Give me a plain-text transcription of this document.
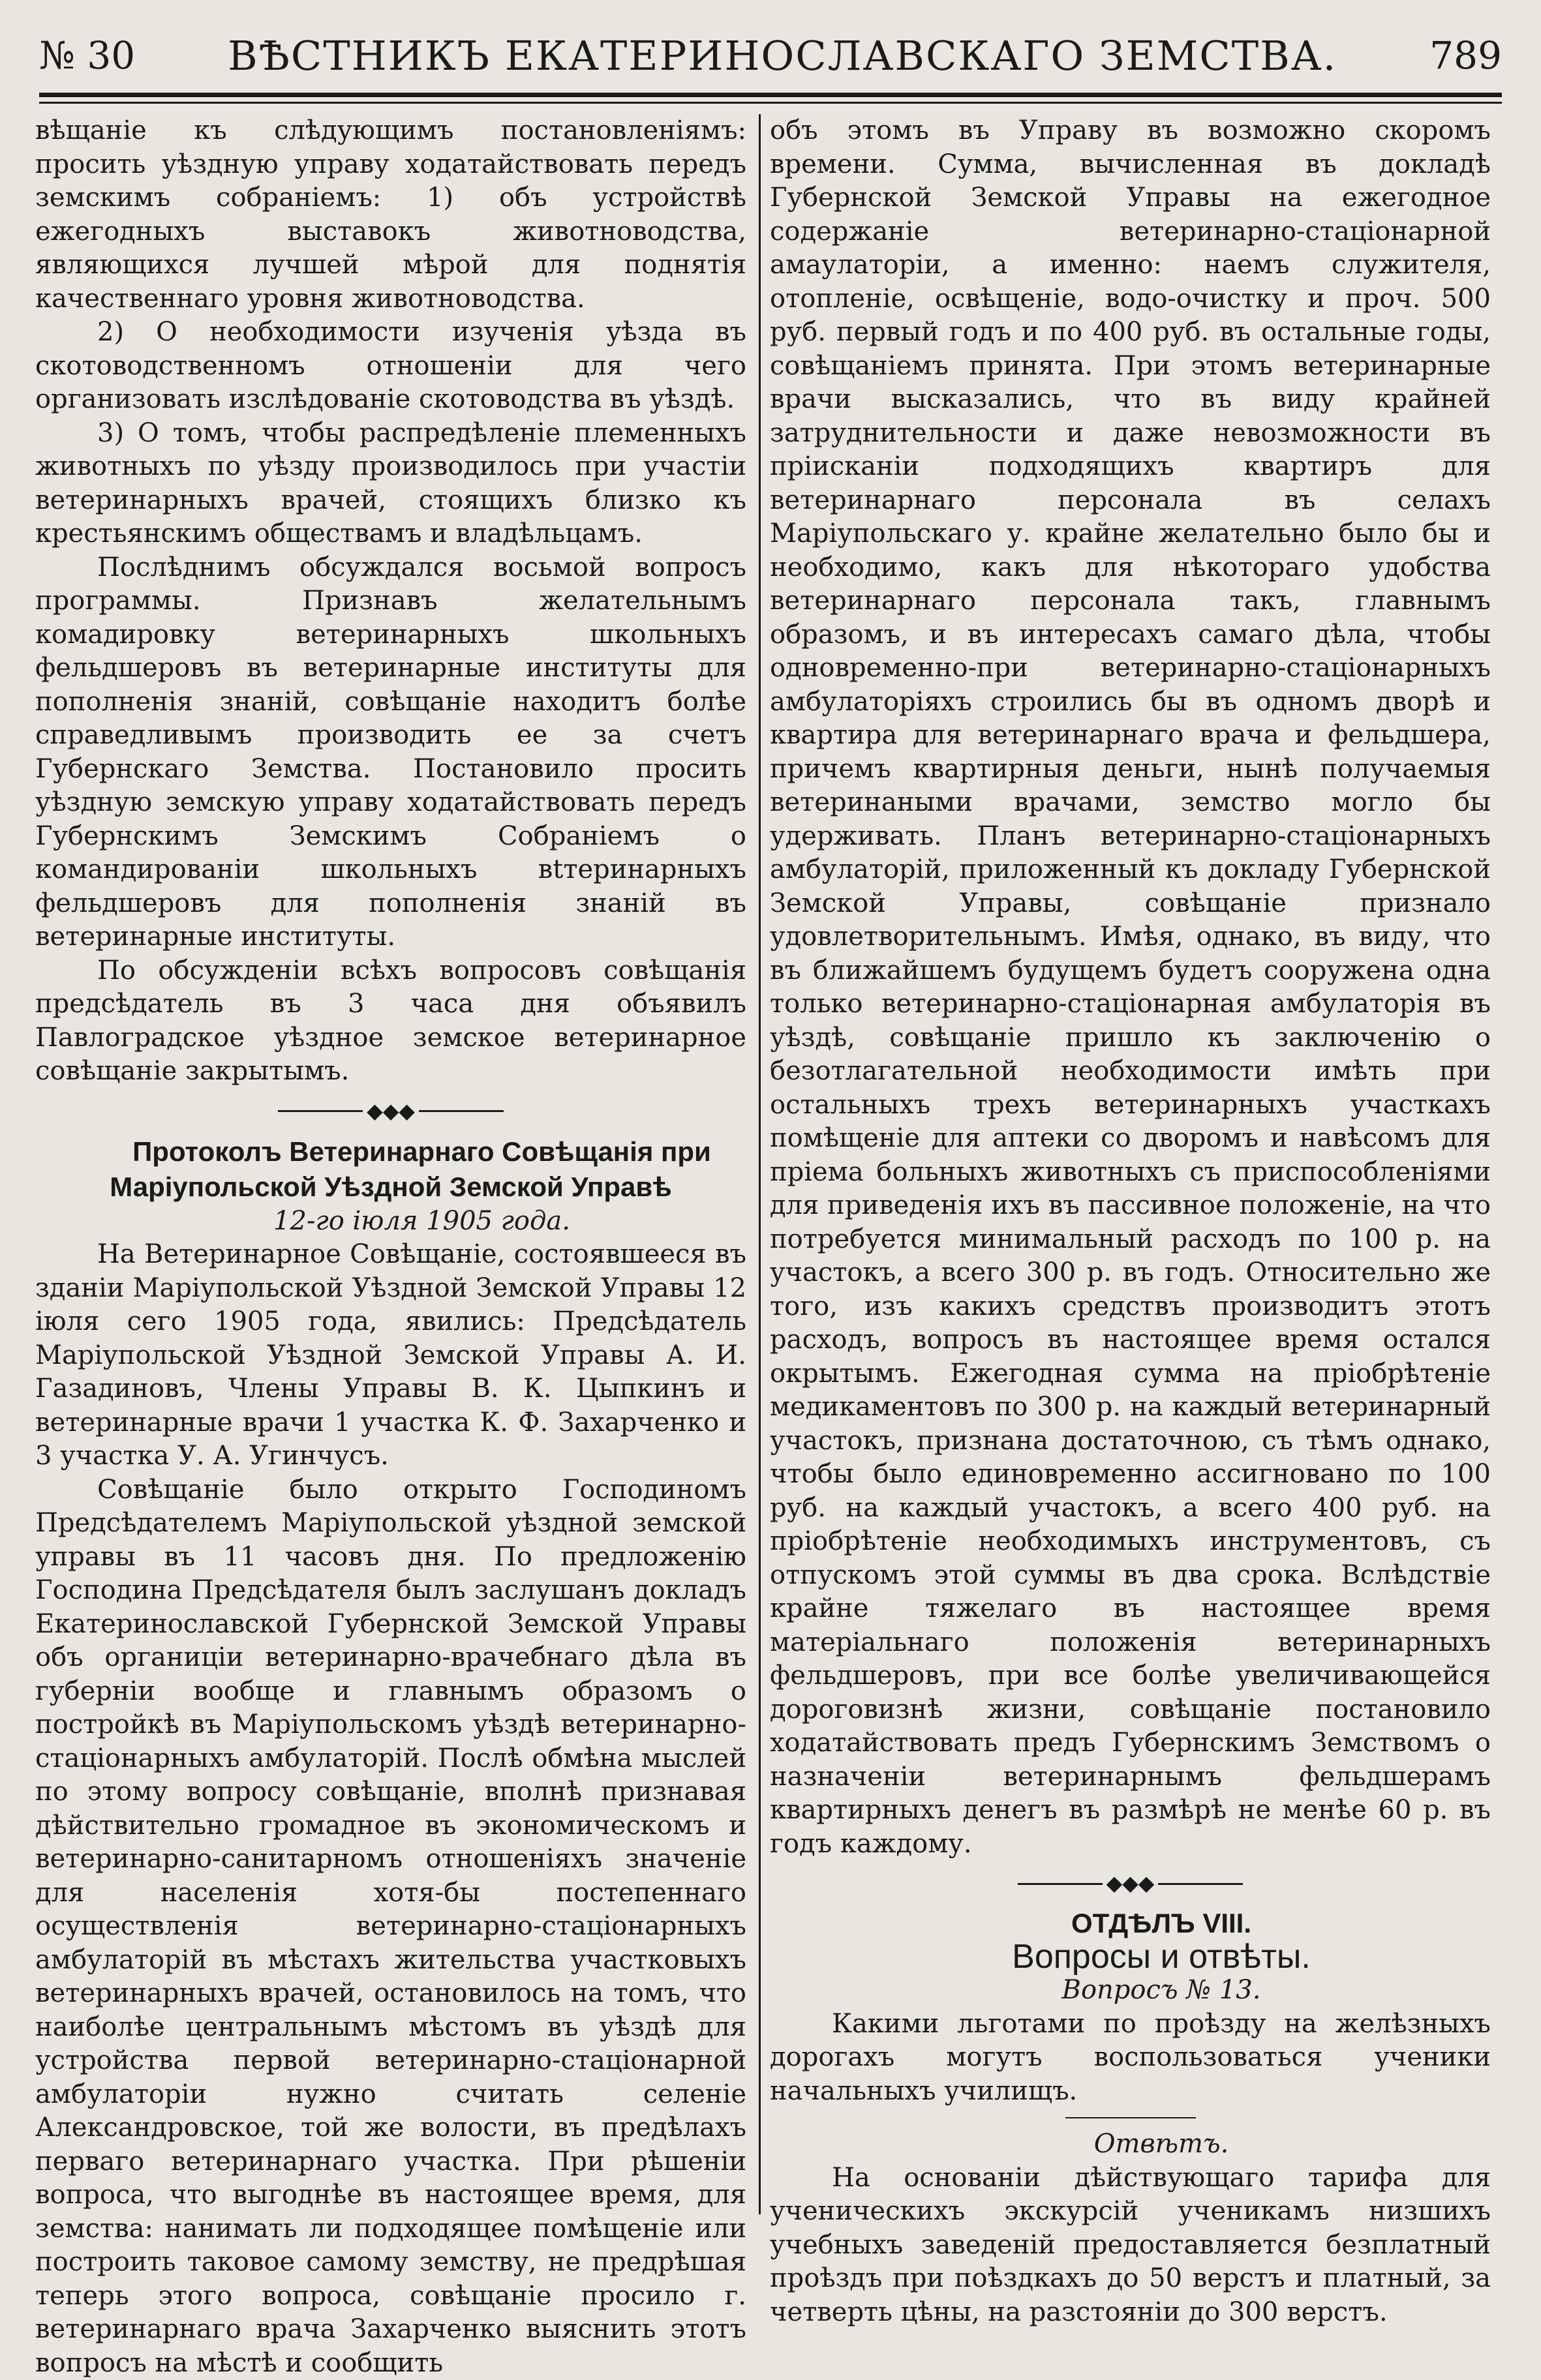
№ 30 ВѢСТНИКЪ ЕКАТЕРИНОСЛАВСКАГО ЗЕМСТВА. 789

вѣщаніе къ слѣдующимъ постановленіямъ: просить уѣздную управу ходатайствовать передъ земскимъ собраніемъ: 1) объ устройствѣ ежегодныхъ выставокъ животноводства, являющихся лучшей мѣрой для поднятія качественнаго уровня животноводства.

2) О необходимости изученія уѣзда въ скотоводственномъ отношеніи для чего организовать изслѣдованіе скотоводства въ уѣздѣ.

3) О томъ, чтобы распредѣленіе племенныхъ животныхъ по уѣзду производилось при участіи ветеринарныхъ врачей, стоящихъ близко къ крестьянскимъ обществамъ и владѣльцамъ.

Послѣднимъ обсуждался восьмой вопросъ программы. Признавъ желательнымъ комадировку ветеринарныхъ школьныхъ фельдшеровъ въ ветеринарные институты для пополненія знаній, совѣщаніе находитъ болѣе справедливымъ производить ее за счетъ Губернскаго Земства. Постановило просить уѣздную земскую управу ходатайствовать передъ Губернскимъ Земскимъ Собраніемъ о командированіи школьныхъ вtтеринарныхъ фельдшеровъ для пополненія знаній въ ветеринарные институты.

По обсужденіи всѣхъ вопросовъ совѣщанія предсѣдатель въ 3 часа дня объявилъ Павлоградское уѣздное земское ветеринарное совѣщаніе закрытымъ.

◆◆◆

Протоколъ Ветеринарнаго Совѣщанія при Маріупольской Уѣздной Земской Управѣ

12-го іюля 1905 года.

На Ветеринарное Совѣщаніе, состоявшееся въ зданіи Маріупольской Уѣздной Земской Управы 12 іюля сего 1905 года, явились: Предсѣдатель Маріупольской Уѣздной Земской Управы А. И. Газадиновъ, Члены Управы В. К. Цыпкинъ и ветеринарные врачи 1 участка К. Ф. Захарченко и 3 участка У. А. Угинчусъ.

Совѣщаніе было открыто Господиномъ Предсѣдателемъ Маріупольской уѣздной земской управы въ 11 часовъ дня. По предложенію Господина Предсѣдателя былъ заслушанъ докладъ Екатеринославской Губернской Земской Управы объ органиціи ветеринарно-врачебнаго дѣла въ губерніи вообще и главнымъ образомъ о постройкѣ въ Маріупольскомъ уѣздѣ ветеринарно-стаціонарныхъ амбулаторій. Послѣ обмѣна мыслей по этому вопросу совѣщаніе, вполнѣ признавая дѣйствительно громадное въ экономическомъ и ветеринарно-санитарномъ отношеніяхъ значеніе для населенія хотя-бы постепеннаго осуществленія ветеринарно-стаціонарныхъ амбулаторій въ мѣстахъ жительства участковыхъ ветеринарныхъ врачей, остановилось на томъ, что наиболѣе центральнымъ мѣстомъ въ уѣздѣ для устройства первой ветеринарно-стаціонарной амбулаторіи нужно считать селеніе Александровское, той же волости, въ предѣлахъ перваго ветеринарнаго участка. При рѣшеніи вопроса, что выгоднѣе въ настоящее время, для земства: нанимать ли подходящее помѣщеніе или построить таковое самому земству, не предрѣшая теперь этого вопроса, совѣщаніе просило г. ветеринарнаго врача Захарченко выяснить этотъ вопросъ на мѣстѣ и сообщить

объ этомъ въ Управу въ возможно скоромъ времени. Сумма, вычисленная въ докладѣ Губернской Земской Управы на ежегодное содержаніе ветеринарно-стаціонарной амаулаторіи, а именно: наемъ служителя, отопленіе, освѣщеніе, водо-очистку и проч. 500 руб. первый годъ и по 400 руб. въ остальные годы, совѣщаніемъ принята. При этомъ ветеринарные врачи высказались, что въ виду крайней затруднительности и даже невозможности въ пріисканіи подходящихъ квартиръ для ветеринарнаго персонала въ селахъ Маріупольскаго у. крайне желательно было бы и необходимо, какъ для нѣкотораго удобства ветеринарнаго персонала такъ, главнымъ образомъ, и въ интересахъ самаго дѣла, чтобы одновременно-при ветеринарно-стаціонарныхъ амбулаторіяхъ строились бы въ одномъ дворѣ и квартира для ветеринарнаго врача и фельдшера, причемъ квартирныя деньги, нынѣ получаемыя ветеринаными врачами, земство могло бы удерживать. Планъ ветеринарно-стаціонарныхъ амбулаторій, приложенный къ докладу Губернской Земской Управы, совѣщаніе признало удовлетворительнымъ. Имѣя, однако, въ виду, что въ ближайшемъ будущемъ будетъ сооружена одна только ветеринарно-стаціонарная амбулаторія въ уѣздѣ, совѣщаніе пришло къ заключенію о безотлагательной необходимости имѣть при остальныхъ трехъ ветеринарныхъ участкахъ помѣщеніе для аптеки со дворомъ и навѣсомъ для пріема больныхъ животныхъ съ приспособленіями для приведенія ихъ въ пассивное положеніе, на что потребуется минимальный расходъ по 100 р. на участокъ, а всего 300 р. въ годъ. Относительно же того, изъ какихъ средствъ производитъ этотъ расходъ, вопросъ въ настоящее время остался окрытымъ. Ежегодная сумма на пріобрѣтеніе медикаментовъ по 300 р. на каждый ветеринарный участокъ, признана достаточною, съ тѣмъ однако, чтобы было единовременно ассигновано по 100 руб. на каждый участокъ, а всего 400 руб. на пріобрѣтеніе необходимыхъ инструментовъ, съ отпускомъ этой суммы въ два срока. Вслѣдствіе крайне тяжелаго въ настоящее время матеріальнаго положенія ветеринарныхъ фельдшеровъ, при все болѣе увеличивающейся дороговизнѣ жизни, совѣщаніе постановило ходатайствовать предъ Губернскимъ Земствомъ о назначеніи ветеринарнымъ фельдшерамъ квартирныхъ денегъ въ размѣрѣ не менѣе 60 р. въ годъ каждому.

◆◆◆

ОТДѢЛЪ VIII.

Вопросы и отвѣты.

Вопросъ № 13.

Какими льготами по проѣзду на желѣзныхъ дорогахъ могутъ воспользоваться ученики начальныхъ училищъ.

Отвѣтъ.

На основаніи дѣйствующаго тарифа для ученическихъ экскурсій ученикамъ низшихъ учебныхъ заведеній предоставляется безплатный проѣздъ при поѣздкахъ до 50 верстъ и платный, за четверть цѣны, на разстояніи до 300 верстъ.
